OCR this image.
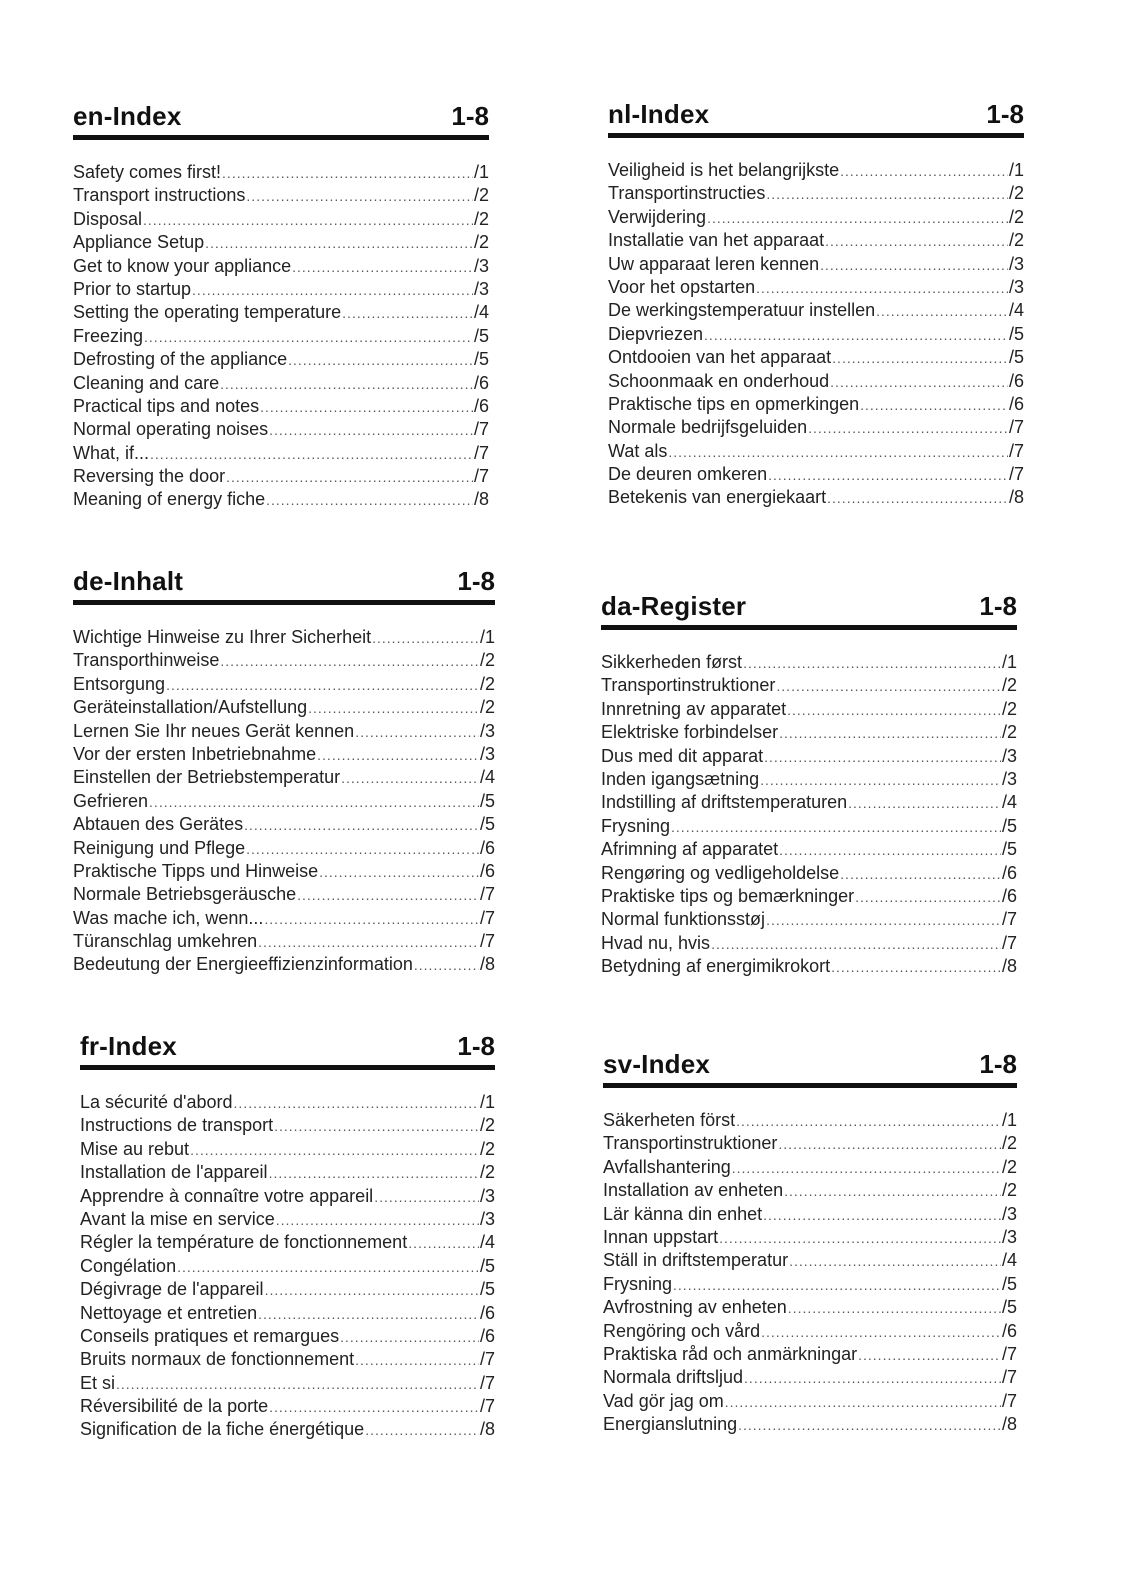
en-Index	1-8
Safety comes first! .....	/1
Transport instructions .....	/2
Disposal .....	/2
Appliance Setup .....	/2
Get to know your appliance .....	/3
Prior to startup .....	/3
Setting the operating temperature .....	/4
Freezing .....	/5
Defrosting of the appliance .....	/5
Cleaning and care .....	/6
Practical tips and notes .....	/6
Normal operating noises .....	/7
What, if... .....	/7
Reversing the door .....	/7
Meaning of energy fiche .....	/8
nl-Index	1-8
Veiligheid is het belangrijkste .....	/1
Transportinstructies .....	/2
Verwijdering .....	/2
Installatie van het apparaat .....	/2
Uw apparaat leren kennen .....	/3
Voor het opstarten .....	/3
De werkingstemperatuur instellen .....	/4
Diepvriezen .....	/5
Ontdooien van het apparaat .....	/5
Schoonmaak en onderhoud .....	/6
Praktische tips en opmerkingen .....	/6
Normale bedrijfsgeluiden .....	/7
Wat als .....	/7
De deuren omkeren .....	/7
Betekenis van energiekaart .....	/8
de-Inhalt	1-8
Wichtige Hinweise zu Ihrer Sicherheit .....	/1
Transporthinweise .....	/2
Entsorgung .....	/2
Geräteinstallation/Aufstellung .....	/2
Lernen Sie Ihr neues Gerät kennen .....	/3
Vor der ersten Inbetriebnahme .....	/3
Einstellen der Betriebstemperatur .....	/4
Gefrieren .....	/5
Abtauen des Gerätes .....	/5
Reinigung und Pflege .....	/6
Praktische Tipps und Hinweise .....	/6
Normale Betriebsgeräusche .....	/7
Was mache ich, wenn... .....	/7
Türanschlag umkehren .....	/7
Bedeutung der Energieeffizienzinformation .....	/8
da-Register	1-8
Sikkerheden først .....	/1
Transportinstruktioner .....	/2
Innretning av apparatet .....	/2
Elektriske forbindelser .....	/2
Dus med dit apparat .....	/3
Inden igangsætning .....	/3
Indstilling af driftstemperaturen .....	/4
Frysning .....	/5
Afrimning af apparatet .....	/5
Rengøring og vedligeholdelse .....	/6
Praktiske tips og bemærkninger .....	/6
Normal funktionsstøj .....	/7
Hvad nu, hvis .....	/7
Betydning af energimikrokort .....	/8
fr-Index	1-8
La sécurité d'abord .....	/1
Instructions de transport .....	/2
Mise au rebut .....	/2
Installation de l'appareil .....	/2
Apprendre à connaître votre appareil .....	/3
Avant la mise en service .....	/3
Régler la température de fonctionnement .....	/4
Congélation .....	/5
Dégivrage de l'appareil .....	/5
Nettoyage et entretien .....	/6
Conseils pratiques et remargues .....	/6
Bruits normaux de fonctionnement .....	/7
Et si .....	/7
Réversibilité de la porte .....	/7
Signification de la fiche énergétique .....	/8
sv-Index	1-8
Säkerheten först .....	/1
Transportinstruktioner .....	/2
Avfallshantering .....	/2
Installation av enheten .....	/2
Lär känna din enhet .....	/3
Innan uppstart .....	/3
Ställ in driftstemperatur .....	/4
Frysning .....	/5
Avfrostning av enheten .....	/5
Rengöring och vård .....	/6
Praktiska råd och anmärkningar .....	/7
Normala driftsljud .....	/7
Vad gör jag om .....	/7
Energianslutning .....	/8
